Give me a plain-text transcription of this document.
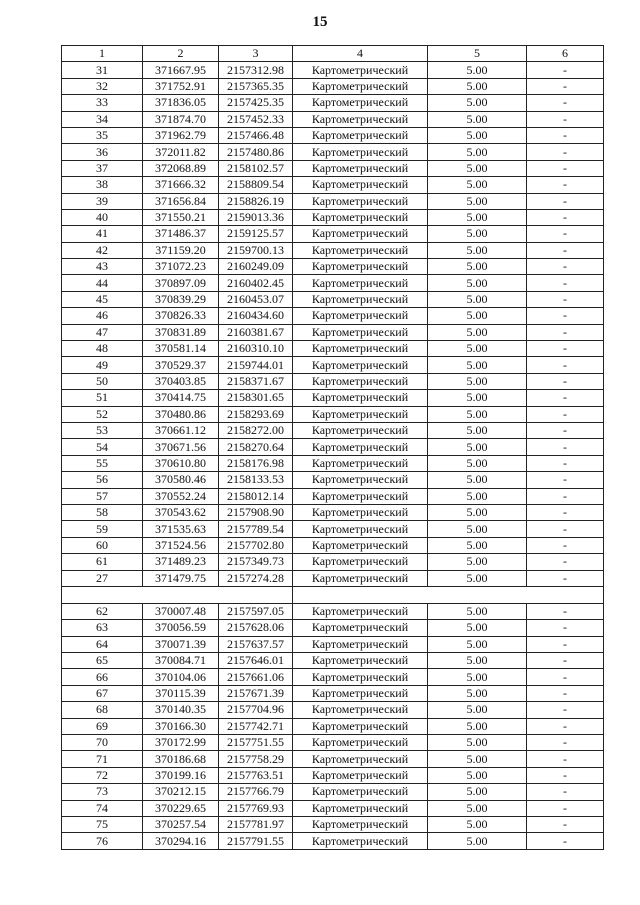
15
1	2	3	4	5	6
31	371667.95	2157312.98	Картометрический	5.00	-
32	371752.91	2157365.35	Картометрический	5.00	-
33	371836.05	2157425.35	Картометрический	5.00	-
34	371874.70	2157452.33	Картометрический	5.00	-
35	371962.79	2157466.48	Картометрический	5.00	-
36	372011.82	2157480.86	Картометрический	5.00	-
37	372068.89	2158102.57	Картометрический	5.00	-
38	371666.32	2158809.54	Картометрический	5.00	-
39	371656.84	2158826.19	Картометрический	5.00	-
40	371550.21	2159013.36	Картометрический	5.00	-
41	371486.37	2159125.57	Картометрический	5.00	-
42	371159.20	2159700.13	Картометрический	5.00	-
43	371072.23	2160249.09	Картометрический	5.00	-
44	370897.09	2160402.45	Картометрический	5.00	-
45	370839.29	2160453.07	Картометрический	5.00	-
46	370826.33	2160434.60	Картометрический	5.00	-
47	370831.89	2160381.67	Картометрический	5.00	-
48	370581.14	2160310.10	Картометрический	5.00	-
49	370529.37	2159744.01	Картометрический	5.00	-
50	370403.85	2158371.67	Картометрический	5.00	-
51	370414.75	2158301.65	Картометрический	5.00	-
52	370480.86	2158293.69	Картометрический	5.00	-
53	370661.12	2158272.00	Картометрический	5.00	-
54	370671.56	2158270.64	Картометрический	5.00	-
55	370610.80	2158176.98	Картометрический	5.00	-
56	370580.46	2158133.53	Картометрический	5.00	-
57	370552.24	2158012.14	Картометрический	5.00	-
58	370543.62	2157908.90	Картометрический	5.00	-
59	371535.63	2157789.54	Картометрический	5.00	-
60	371524.56	2157702.80	Картометрический	5.00	-
61	371489.23	2157349.73	Картометрический	5.00	-
27	371479.75	2157274.28	Картометрический	5.00	-

62	370007.48	2157597.05	Картометрический	5.00	-
63	370056.59	2157628.06	Картометрический	5.00	-
64	370071.39	2157637.57	Картометрический	5.00	-
65	370084.71	2157646.01	Картометрический	5.00	-
66	370104.06	2157661.06	Картометрический	5.00	-
67	370115.39	2157671.39	Картометрический	5.00	-
68	370140.35	2157704.96	Картометрический	5.00	-
69	370166.30	2157742.71	Картометрический	5.00	-
70	370172.99	2157751.55	Картометрический	5.00	-
71	370186.68	2157758.29	Картометрический	5.00	-
72	370199.16	2157763.51	Картометрический	5.00	-
73	370212.15	2157766.79	Картометрический	5.00	-
74	370229.65	2157769.93	Картометрический	5.00	-
75	370257.54	2157781.97	Картометрический	5.00	-
76	370294.16	2157791.55	Картометрический	5.00	-
